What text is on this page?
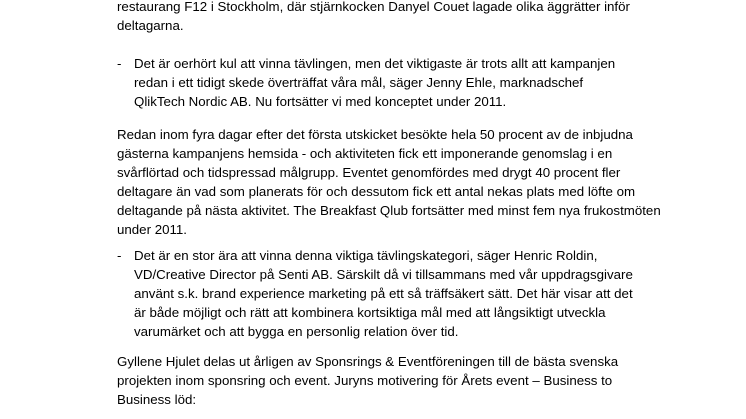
restaurang F12 i Stockholm, där stjärnkocken Danyel Couet lagade olika äggrätter inför
deltagarna.
- Det är oerhört kul att vinna tävlingen, men det viktigaste är trots allt att kampanjen
redan i ett tidigt skede överträffat våra mål, säger Jenny Ehle, marknadschef
QlikTech Nordic AB. Nu fortsätter vi med konceptet under 2011.
Redan inom fyra dagar efter det första utskicket besökte hela 50 procent av de inbjudna
gästerna kampanjens hemsida - och aktiviteten fick ett imponerande genomslag i en
svårflörtad och tidspressad målgrupp. Eventet genomfördes med drygt 40 procent fler
deltagare än vad som planerats för och dessutom fick ett antal nekas plats med löfte om
deltagande på nästa aktivitet. The Breakfast Qlub fortsätter med minst fem nya frukostmöten
under 2011.
- Det är en stor ära att vinna denna viktiga tävlingskategori, säger Henric Roldin,
VD/Creative Director på Senti AB. Särskilt då vi tillsammans med vår uppdragsgivare
använt s.k. brand experience marketing på ett så träffsäkert sätt. Det här visar att det
är både möjligt och rätt att kombinera kortsiktiga mål med att långsiktigt utveckla
varumärket och att bygga en personlig relation över tid.
Gyllene Hjulet delas ut årligen av Sponsrings & Eventföreningen till de bästa svenska
projekten inom sponsring och event. Juryns motivering för Årets event – Business to
Business löd:
